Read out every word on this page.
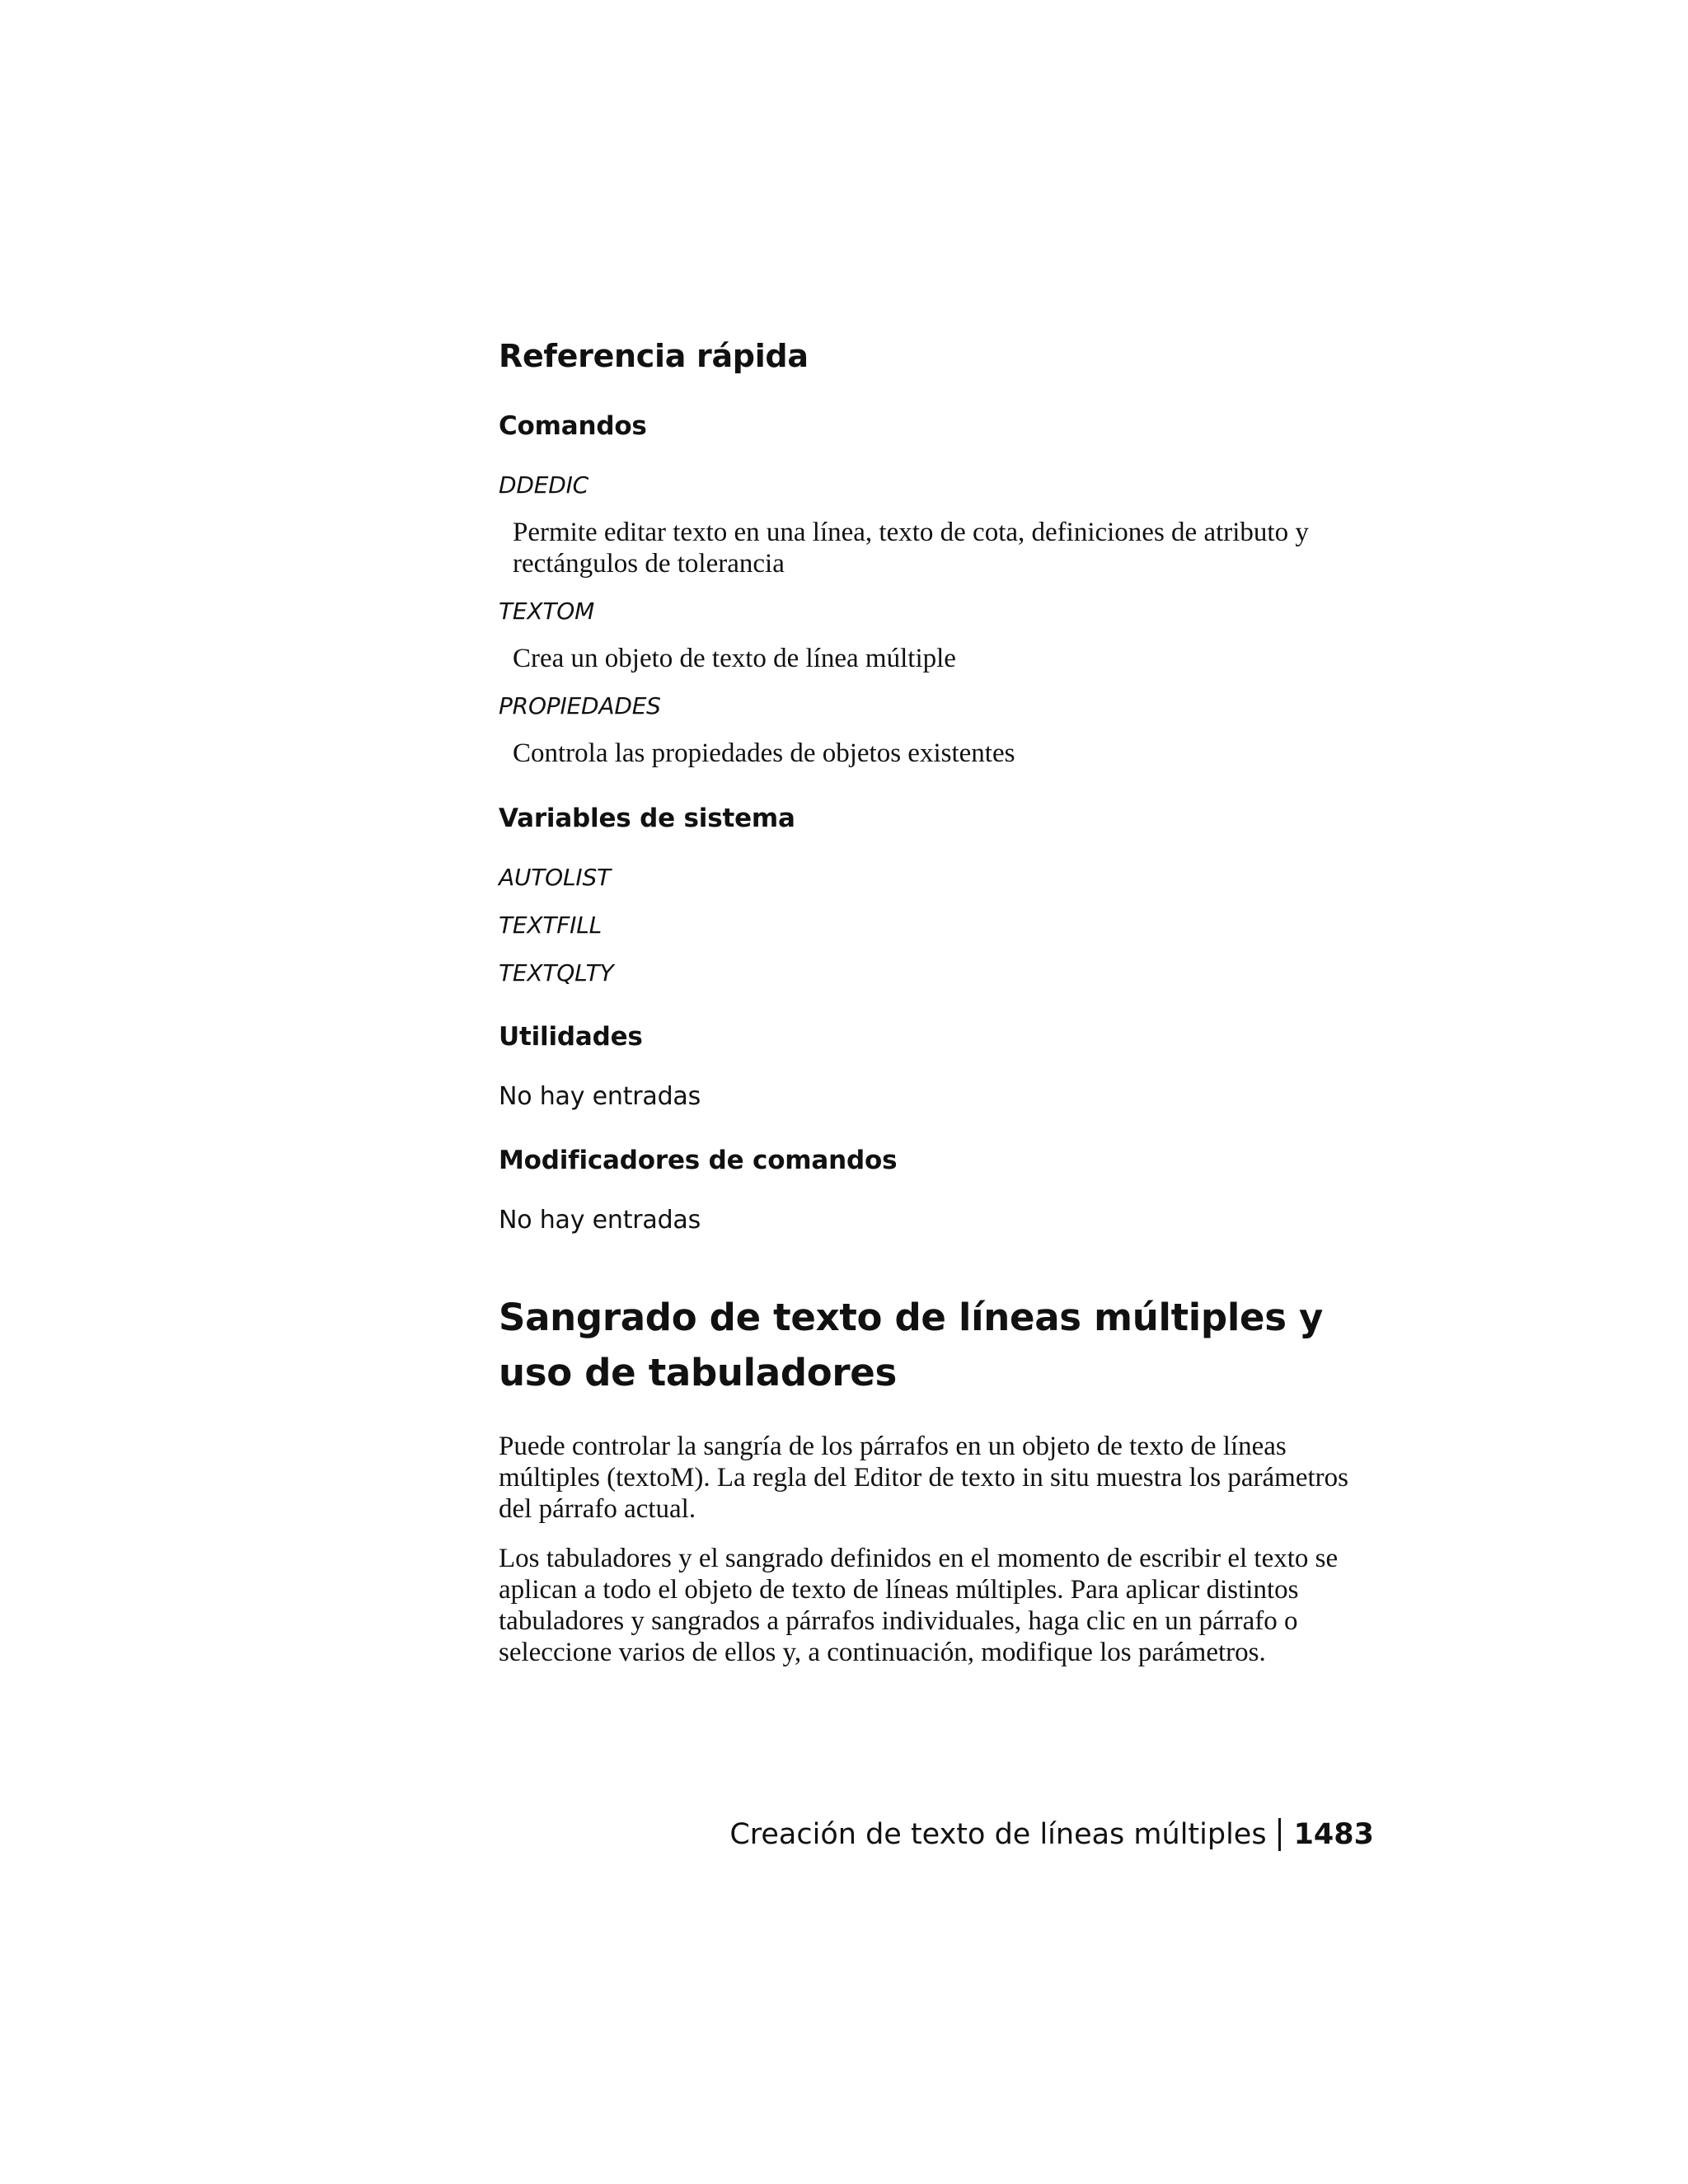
Referencia rápida
Comandos
DDEDIC
Permite editar texto en una línea, texto de cota, definiciones de atributo y rectángulos de tolerancia
TEXTOM
Crea un objeto de texto de línea múltiple
PROPIEDADES
Controla las propiedades de objetos existentes
Variables de sistema
AUTOLIST
TEXTFILL
TEXTQLTY
Utilidades
No hay entradas
Modificadores de comandos
No hay entradas
Sangrado de texto de líneas múltiples y uso de tabuladores

Puede controlar la sangría de los párrafos en un objeto de texto de líneas múltiples (textoM). La regla del Editor de texto in situ muestra los parámetros del párrafo actual.

Los tabuladores y el sangrado definidos en el momento de escribir el texto se aplican a todo el objeto de texto de líneas múltiples. Para aplicar distintos tabuladores y sangrados a párrafos individuales, haga clic en un párrafo o seleccione varios de ellos y, a continuación, modifique los parámetros.

Creación de texto de líneas múltiples 1483
